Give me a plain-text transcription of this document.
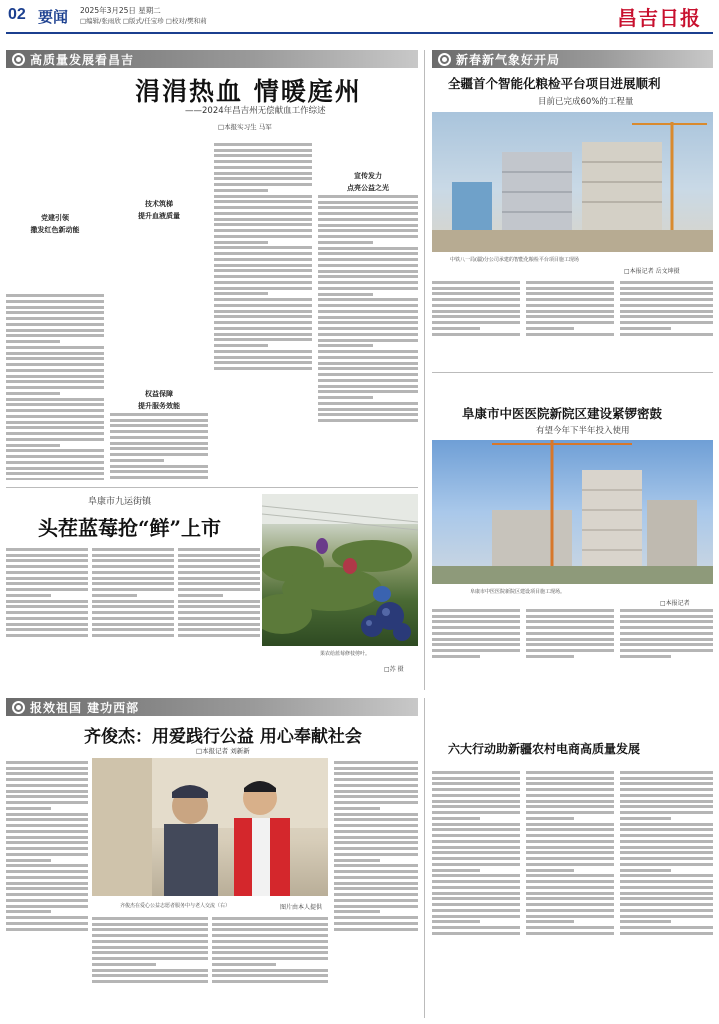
02 要闻 2025年3月25日 星期二
□编辑/张雨欣 □版式/任宝珍 □校对/樊和莉	昌吉日报
高质量发展看昌吉
涓涓热血 情暖庭州
——2024年昌吉州无偿献血工作综述
□本报实习生 马军
党建引领
撒发红色新动能
技术筑梯
提升血液质量
权益保障
提升服务效能
宣传发力
点亮公益之光
阜康市九运街镇
头茬蓝莓抢“鲜”上市
果农给蓝莓修枝剪叶。
□苏 摄
新春新气象好开局
全疆首个智能化粮检平台项目进展顺利
目前已完成60%的工程量
中铁八一局(疆)分公司承建的智能化粮检平台项目施工现场
□本报记者 岳文坤摄
阜康市中医医院新院区建设紧锣密鼓
有望今年下半年投入使用
阜康市中医医院新院区建设项目施工现场。
□本报记者
报效祖国 建功西部
齐俊杰：用爱践行公益 用心奉献社会
□本报记者 刘新新
齐俊杰在爱心公益志愿者服务中与老人交流（右）	图片由本人提供
六大行动助新疆农村电商高质量发展
